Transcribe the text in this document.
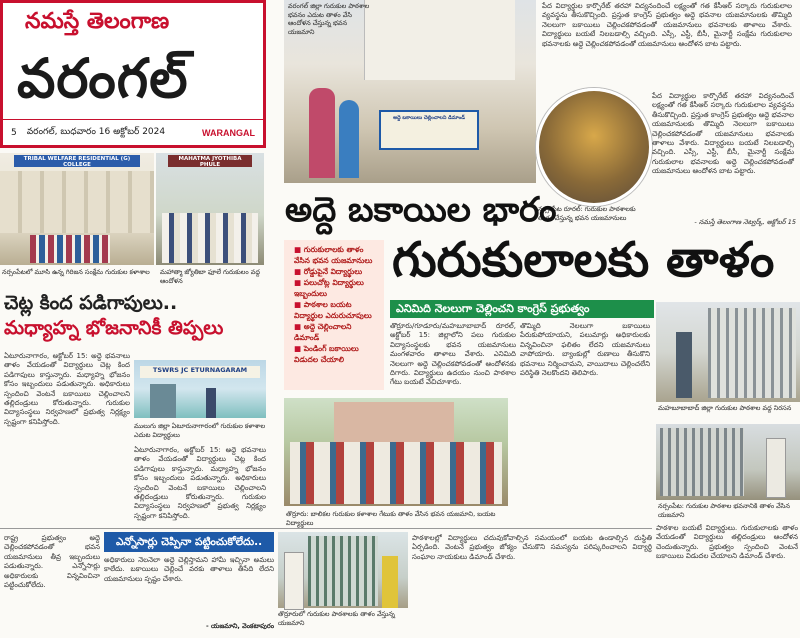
నమస్తే తెలంగాణ
వరంగల్
5 వరంగల్, బుధవారం 16 అక్టోబర్ 2024	WARANGAL
అద్దె బకాయిలు చెల్లించాలని డిమాండ్
వరంగల్ జిల్లా గురుకుల పాఠశాల భవనం ఎదుట తాళం వేసి ఆందోళన చేస్తున్న భవన యజమాని
పేద విద్యార్థుల కార్పొరేట్ తరహా విద్యనందించే లక్ష్యంతో గత కేసీఆర్ సర్కారు గురుకులాల వ్యవస్థను తీసుకొచ్చింది. ప్రస్తుత కాంగ్రెస్ ప్రభుత్వం అద్దె భవనాల యజమానులకు తొమ్మిది నెలలుగా బకాయిలు చెల్లించకపోవడంతో యజమానులు భవనాలకు తాళాలు వేశారు. విద్యార్థులు బయటే నిలబడాల్సి వచ్చింది. ఎస్సీ, ఎస్టీ, బీసీ, మైనార్టీ సంక్షేమ గురుకులాల భవనాలకు అద్దె చెల్లించకపోవడంతో యజమానులు ఆందోళన బాట పట్టారు.
పేద విద్యార్థుల కార్పొరేట్ తరహా విద్యనందించే లక్ష్యంతో గత కేసీఆర్ సర్కారు గురుకులాల వ్యవస్థను తీసుకొచ్చింది. ప్రస్తుత కాంగ్రెస్ ప్రభుత్వం అద్దె భవనాల యజమానులకు తొమ్మిది నెలలుగా బకాయిలు చెల్లించకపోవడంతో యజమానులు భవనాలకు తాళాలు వేశారు. విద్యార్థులు బయటే నిలబడాల్సి వచ్చింది. ఎస్సీ, ఎస్టీ, బీసీ, మైనార్టీ సంక్షేమ గురుకులాల భవనాలకు అద్దె చెల్లించకపోవడంతో యజమానులు ఆందోళన బాట పట్టారు.
నర్సంపేట రూరల్: గురుకుల పాఠశాలకు తాళం వేస్తున్న భవన యజమానులు
- నమస్తే తెలంగాణ నెట్వర్క్, అక్టోబర్ 15
TRIBAL WELFARE RESIDENTIAL (G) COLLEGE
MAHATMA JYOTHIBA PHULE
నర్సంపేటలో మూసి ఉన్న గిరిజన సంక్షేమ గురుకుల కళాశాల	మహాత్మా జ్యోతిబా ఫూలే గురుకులం వద్ద ఆందోళన
అద్దె బకాయిల భారం
గురుకులాలకు తాళం
■ గురుకులాలకు తాళం వేసిన భవన యజమానులు
■ రోడ్డుపైనే విద్యార్థులు
■ పలుచోట్ల విద్యార్థులు ఇబ్బందులు
■ పాఠశాల బయట విద్యార్థుల ఎదురుచూపులు
■ అద్దె చెల్లించాలని డిమాండ్
■ పెండింగ్ బకాయిలు విడుదల చేయాలి
ఎనిమిది నెలలుగా చెల్లించని కాంగ్రెస్ ప్రభుత్వం
చెట్ల కింద పడిగాపులు..
మధ్యాహ్న భోజనానికీ తిప్పలు
ఏటూరునాగారం, అక్టోబర్ 15: అద్దె భవనాలు తాళం వేయడంతో విద్యార్థులు చెట్ల కింద పడిగాపులు కాస్తున్నారు. మధ్యాహ్న భోజనం కోసం ఇబ్బందులు పడుతున్నారు. అధికారులు స్పందించి వెంటనే బకాయిలు చెల్లించాలని తల్లిదండ్రులు కోరుతున్నారు. గురుకుల విద్యాసంస్థలు నిర్వహణలో ప్రభుత్వ నిర్లక్ష్యం స్పష్టంగా కనిపిస్తోంది.
TSWRS JC ETURNAGARAM
ములుగు జిల్లా ఏటూరునాగారంలో గురుకుల కళాశాల ఎదుట విద్యార్థులు
ఏటూరునాగారం, అక్టోబర్ 15: అద్దె భవనాలు తాళం వేయడంతో విద్యార్థులు చెట్ల కింద పడిగాపులు కాస్తున్నారు. మధ్యాహ్న భోజనం కోసం ఇబ్బందులు పడుతున్నారు. అధికారులు స్పందించి వెంటనే బకాయిలు చెల్లించాలని తల్లిదండ్రులు కోరుతున్నారు. గురుకుల విద్యాసంస్థలు నిర్వహణలో ప్రభుత్వ నిర్లక్ష్యం స్పష్టంగా కనిపిస్తోంది.	తొర్రూరు: బాలికల గురుకుల కళాశాల గేటుకు తాళం వేసిన భవన యజమాని, బయట విద్యార్థులు
తొర్రూరు/గూడూరు/మహబూబాబాద్ రూరల్, అక్టోబర్ 15: జిల్లాలోని పలు గురుకుల విద్యాసంస్థలకు భవన యజమానులు మంగళవారం తాళాలు వేశారు. ఎనిమిది నెలలుగా అద్దె చెల్లించకపోవడంతో ఆందోళనకు దిగారు. విద్యార్థులు ఉదయం నుంచి పాఠశాల గేటు బయటే వేచిచూశారు.
తొమ్మిది నెలలుగా బకాయిలు పేరుకుపోయాయని, పలుమార్లు అధికారులకు విన్నవించినా ఫలితం లేదని యజమానులు వాపోయారు. బ్యాంకుల్లో రుణాలు తీసుకొని భవనాలు నిర్మించామని, వాయిదాలు చెల్లించలేని పరిస్థితి నెలకొందని తెలిపారు.
మహబూబాబాద్ జిల్లా గురుకుల పాఠశాల వద్ద నిరసన
నర్సంపేట: గురుకుల పాఠశాల భవనానికి తాళం వేసిన యజమాని
పాఠశాల బయటే విద్యార్థులు. గురుకులాలకు తాళం వేయడంతో విద్యార్థులు తల్లిదండ్రులు ఆందోళన చెందుతున్నారు. ప్రభుత్వం స్పందించి వెంటనే బకాయిలు విడుదల చేయాలని డిమాండ్ చేశారు.
రాష్ట్ర ప్రభుత్వం అద్దె చెల్లించకపోవడంతో భవన యజమానులు తీవ్ర ఇబ్బందులు పడుతున్నారు. ఎన్నోసార్లు అధికారులకు విన్నవించినా పట్టించుకోలేదు.
ఎన్నోసార్లు చెప్పినా పట్టించుకోలేదు..
అధికారులు నెలనెలా అద్దె చెల్లిస్తామని హామీ ఇచ్చినా అమలు కాలేదు. బకాయిలు చెల్లించే వరకు తాళాలు తీసేది లేదని యజమానులు స్పష్టం చేశారు.
- యజమాని, వెంకటాపురం
తొర్రూరులో గురుకుల పాఠశాలకు తాళం వేస్తున్న యజమాని
పాఠశాలల్లో విద్యార్థులు చదువుకోవాల్సిన సమయంలో బయట ఉండాల్సిన దుస్థితి ఏర్పడింది. వెంటనే ప్రభుత్వం జోక్యం చేసుకొని సమస్యను పరిష్కరించాలని విద్యార్థి సంఘాల నాయకులు డిమాండ్ చేశారు.
